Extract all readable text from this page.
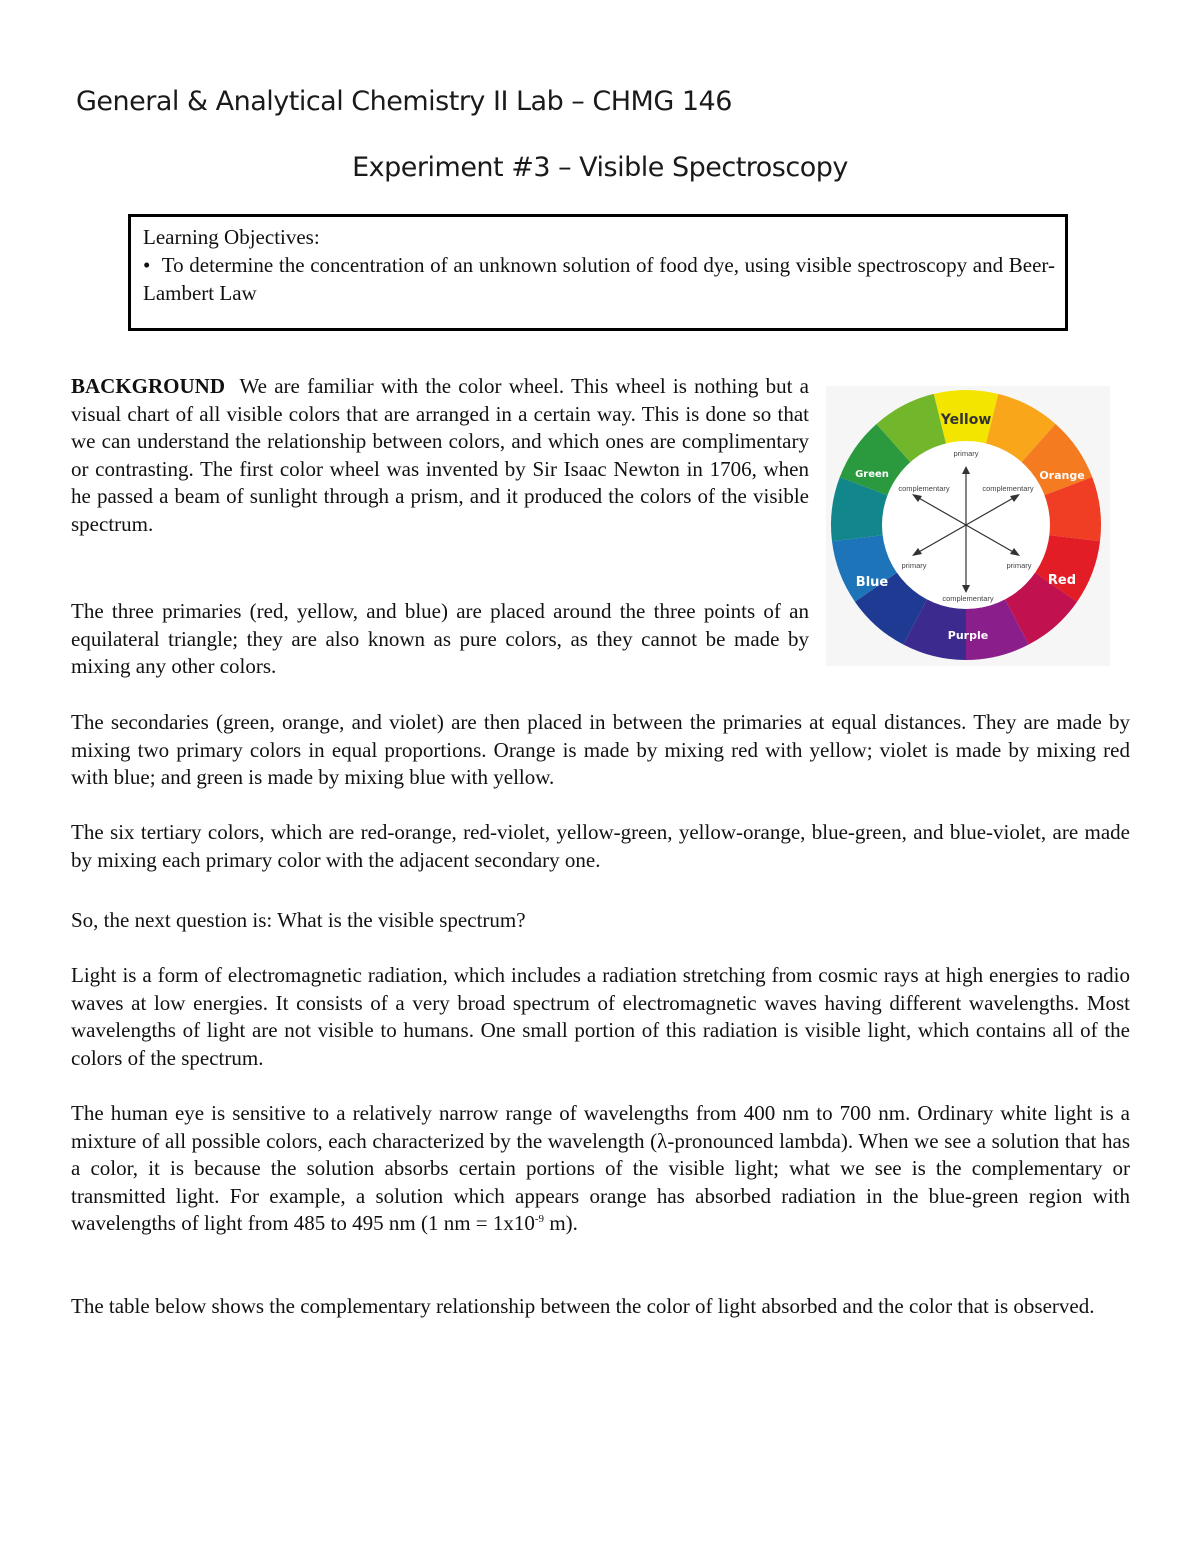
General & Analytical Chemistry II Lab – CHMG 146
Experiment #3 – Visible Spectroscopy
Learning Objectives:
• To determine the concentration of an unknown solution of food dye, using visible spectroscopy and Beer-Lambert Law

BACKGROUND We are familiar with the color wheel. This wheel is nothing but a visual chart of all visible colors that are arranged in a certain way. This is done so that we can understand the relationship between colors, and which ones are complimentary or contrasting. The first color wheel was invented by Sir Isaac Newton in 1706, when he passed a beam of sunlight through a prism, and it produced the colors of the visible spectrum.

primary
complementary	complementary
primary	primary
complementary
Yellow
Orange
Red
Purple
Blue
Green

The three primaries (red, yellow, and blue) are placed around the three points of an equilateral triangle; they are also known as pure colors, as they cannot be made by mixing any other colors.

The secondaries (green, orange, and violet) are then placed in between the primaries at equal distances. They are made by mixing two primary colors in equal proportions. Orange is made by mixing red with yellow; violet is made by mixing red with blue; and green is made by mixing blue with yellow.

The six tertiary colors, which are red-orange, red-violet, yellow-green, yellow-orange, blue-green, and blue-violet, are made by mixing each primary color with the adjacent secondary one.

So, the next question is: What is the visible spectrum?

Light is a form of electromagnetic radiation, which includes a radiation stretching from cosmic rays at high energies to radio waves at low energies. It consists of a very broad spectrum of electromagnetic waves having different wavelengths. Most wavelengths of light are not visible to humans. One small portion of this radiation is visible light, which contains all of the colors of the spectrum.

The human eye is sensitive to a relatively narrow range of wavelengths from 400 nm to 700 nm. Ordinary white light is a mixture of all possible colors, each characterized by the wavelength (λ-pronounced lambda). When we see a solution that has a color, it is because the solution absorbs certain portions of the visible light; what we see is the complementary or transmitted light. For example, a solution which appears orange has absorbed radiation in the blue-green region with wavelengths of light from 485 to 495 nm (1 nm = $1x10^{-9}$ m).

The table below shows the complementary relationship between the color of light absorbed and the color that is observed.
